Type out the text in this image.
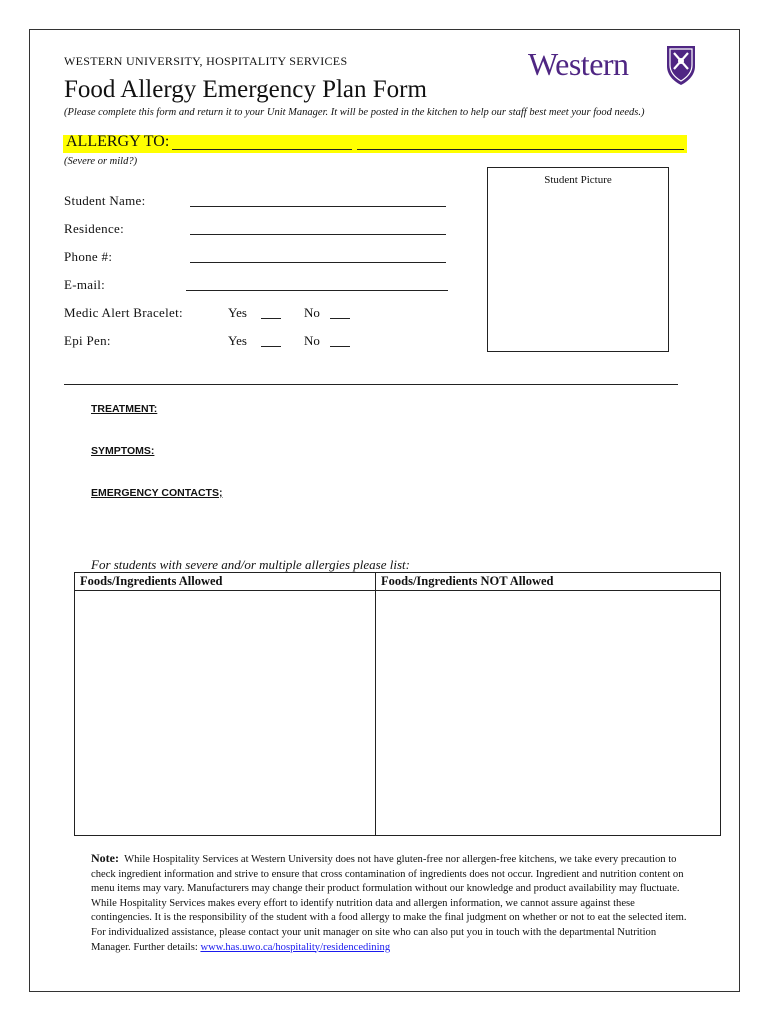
WESTERN UNIVERSITY, HOSPITALITY SERVICES	Western
Food Allergy Emergency Plan Form
(Please complete this form and return it to your Unit Manager. It will be posted in the kitchen to help our staff best meet your food needs.)
ALLERGY TO:
(Severe or mild?)
Student Picture
Student Name:
Residence:
Phone #:
E-mail:
Medic Alert Bracelet:	Yes	No
Epi Pen:	Yes	No
TREATMENT:
SYMPTOMS:
EMERGENCY CONTACTS;
For students with severe and/or multiple allergies please list:
Foods/Ingredients Allowed	Foods/Ingredients NOT Allowed
Note: While Hospitality Services at Western University does not have gluten-free nor allergen-free kitchens, we take every precaution to check ingredient information and strive to ensure that cross contamination of ingredients does not occur. Ingredient and nutrition content on menu items may vary. Manufacturers may change their product formulation without our knowledge and product availability may fluctuate. While Hospitality Services makes every effort to identify nutrition data and allergen information, we cannot assure against these contingencies. It is the responsibility of the student with a food allergy to make the final judgment on whether or not to eat the selected item. For individualized assistance, please contact your unit manager on site who can also put you in touch with the departmental Nutrition Manager. Further details: www.has.uwo.ca/hospitality/residencedining
